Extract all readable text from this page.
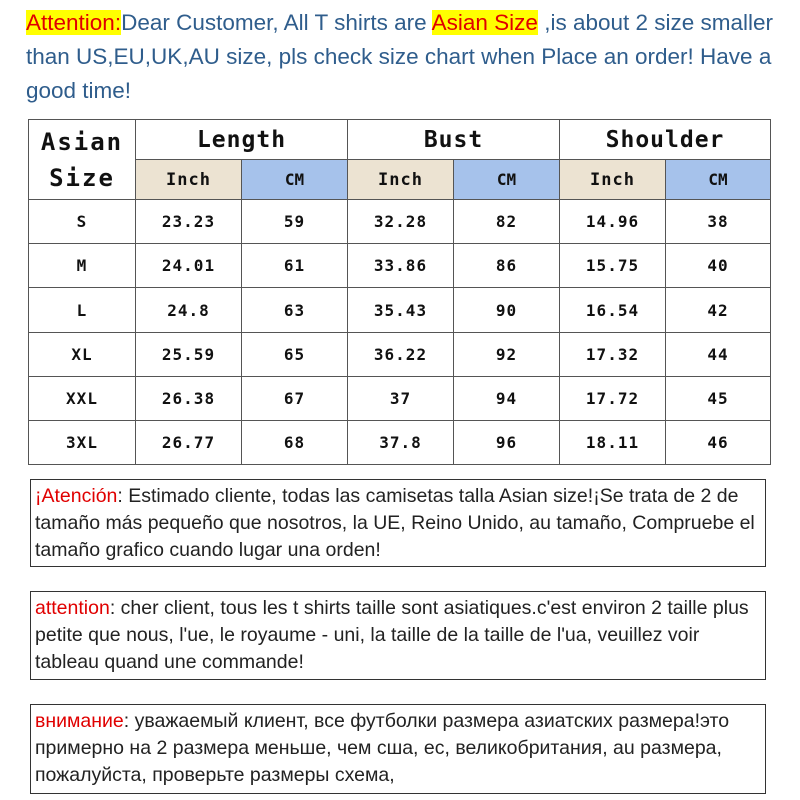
Attention:Dear Customer, All T shirts are Asian Size ,is about 2 size smaller than US,EU,UK,AU size, pls check size chart when Place an order! Have a good time!
Asian
Size	Length		Bust		Shoulder	
	Inch	CM	Inch	CM	Inch	CM
S	23.23	59	32.28	82	14.96	38
M	24.01	61	33.86	86	15.75	40
L	24.8	63	35.43	90	16.54	42
XL	25.59	65	36.22	92	17.32	44
XXL	26.38	67	37	94	17.72	45
3XL	26.77	68	37.8	96	18.11	46
¡Atención: Estimado cliente, todas las camisetas talla Asian size!¡Se trata de 2 de tamaño más pequeño que nosotros, la UE, Reino Unido, au tamaño, Compruebe el tamaño grafico cuando lugar una orden!
attention: cher client, tous les t shirts taille sont asiatiques.c'est environ 2 taille plus petite que nous, l'ue, le royaume - uni, la taille de la taille de l'ua, veuillez voir tableau quand une commande!
внимание: уважаемый клиент, все футболки размера азиатских размера!это примерно на 2 размера меньше, чем сша, ес, великобритания, au размера, пожалуйста, проверьте размеры схема,
